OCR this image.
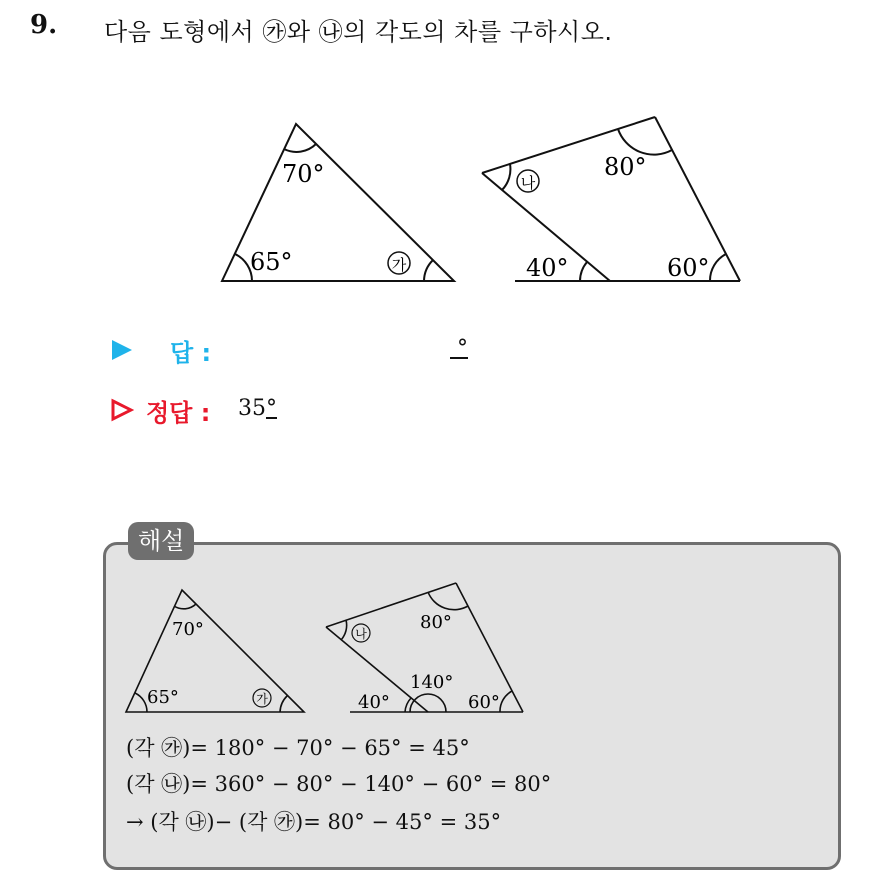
9. 다음 도형에서 ㉮와 ㉯의 각도의 차를 구하시오.
70°
65°	가
나
80°
40°	60°
답 :	°
정답 : 35°
해설
70°
65°	가
나
80°
140°
40°	60°
(각 ㉮)= 180° − 70° − 65° = 45°
(각 ㉯)= 360° − 80° − 140° − 60° = 80°
→ (각 ㉯)− (각 ㉮)= 80° − 45° = 35°
